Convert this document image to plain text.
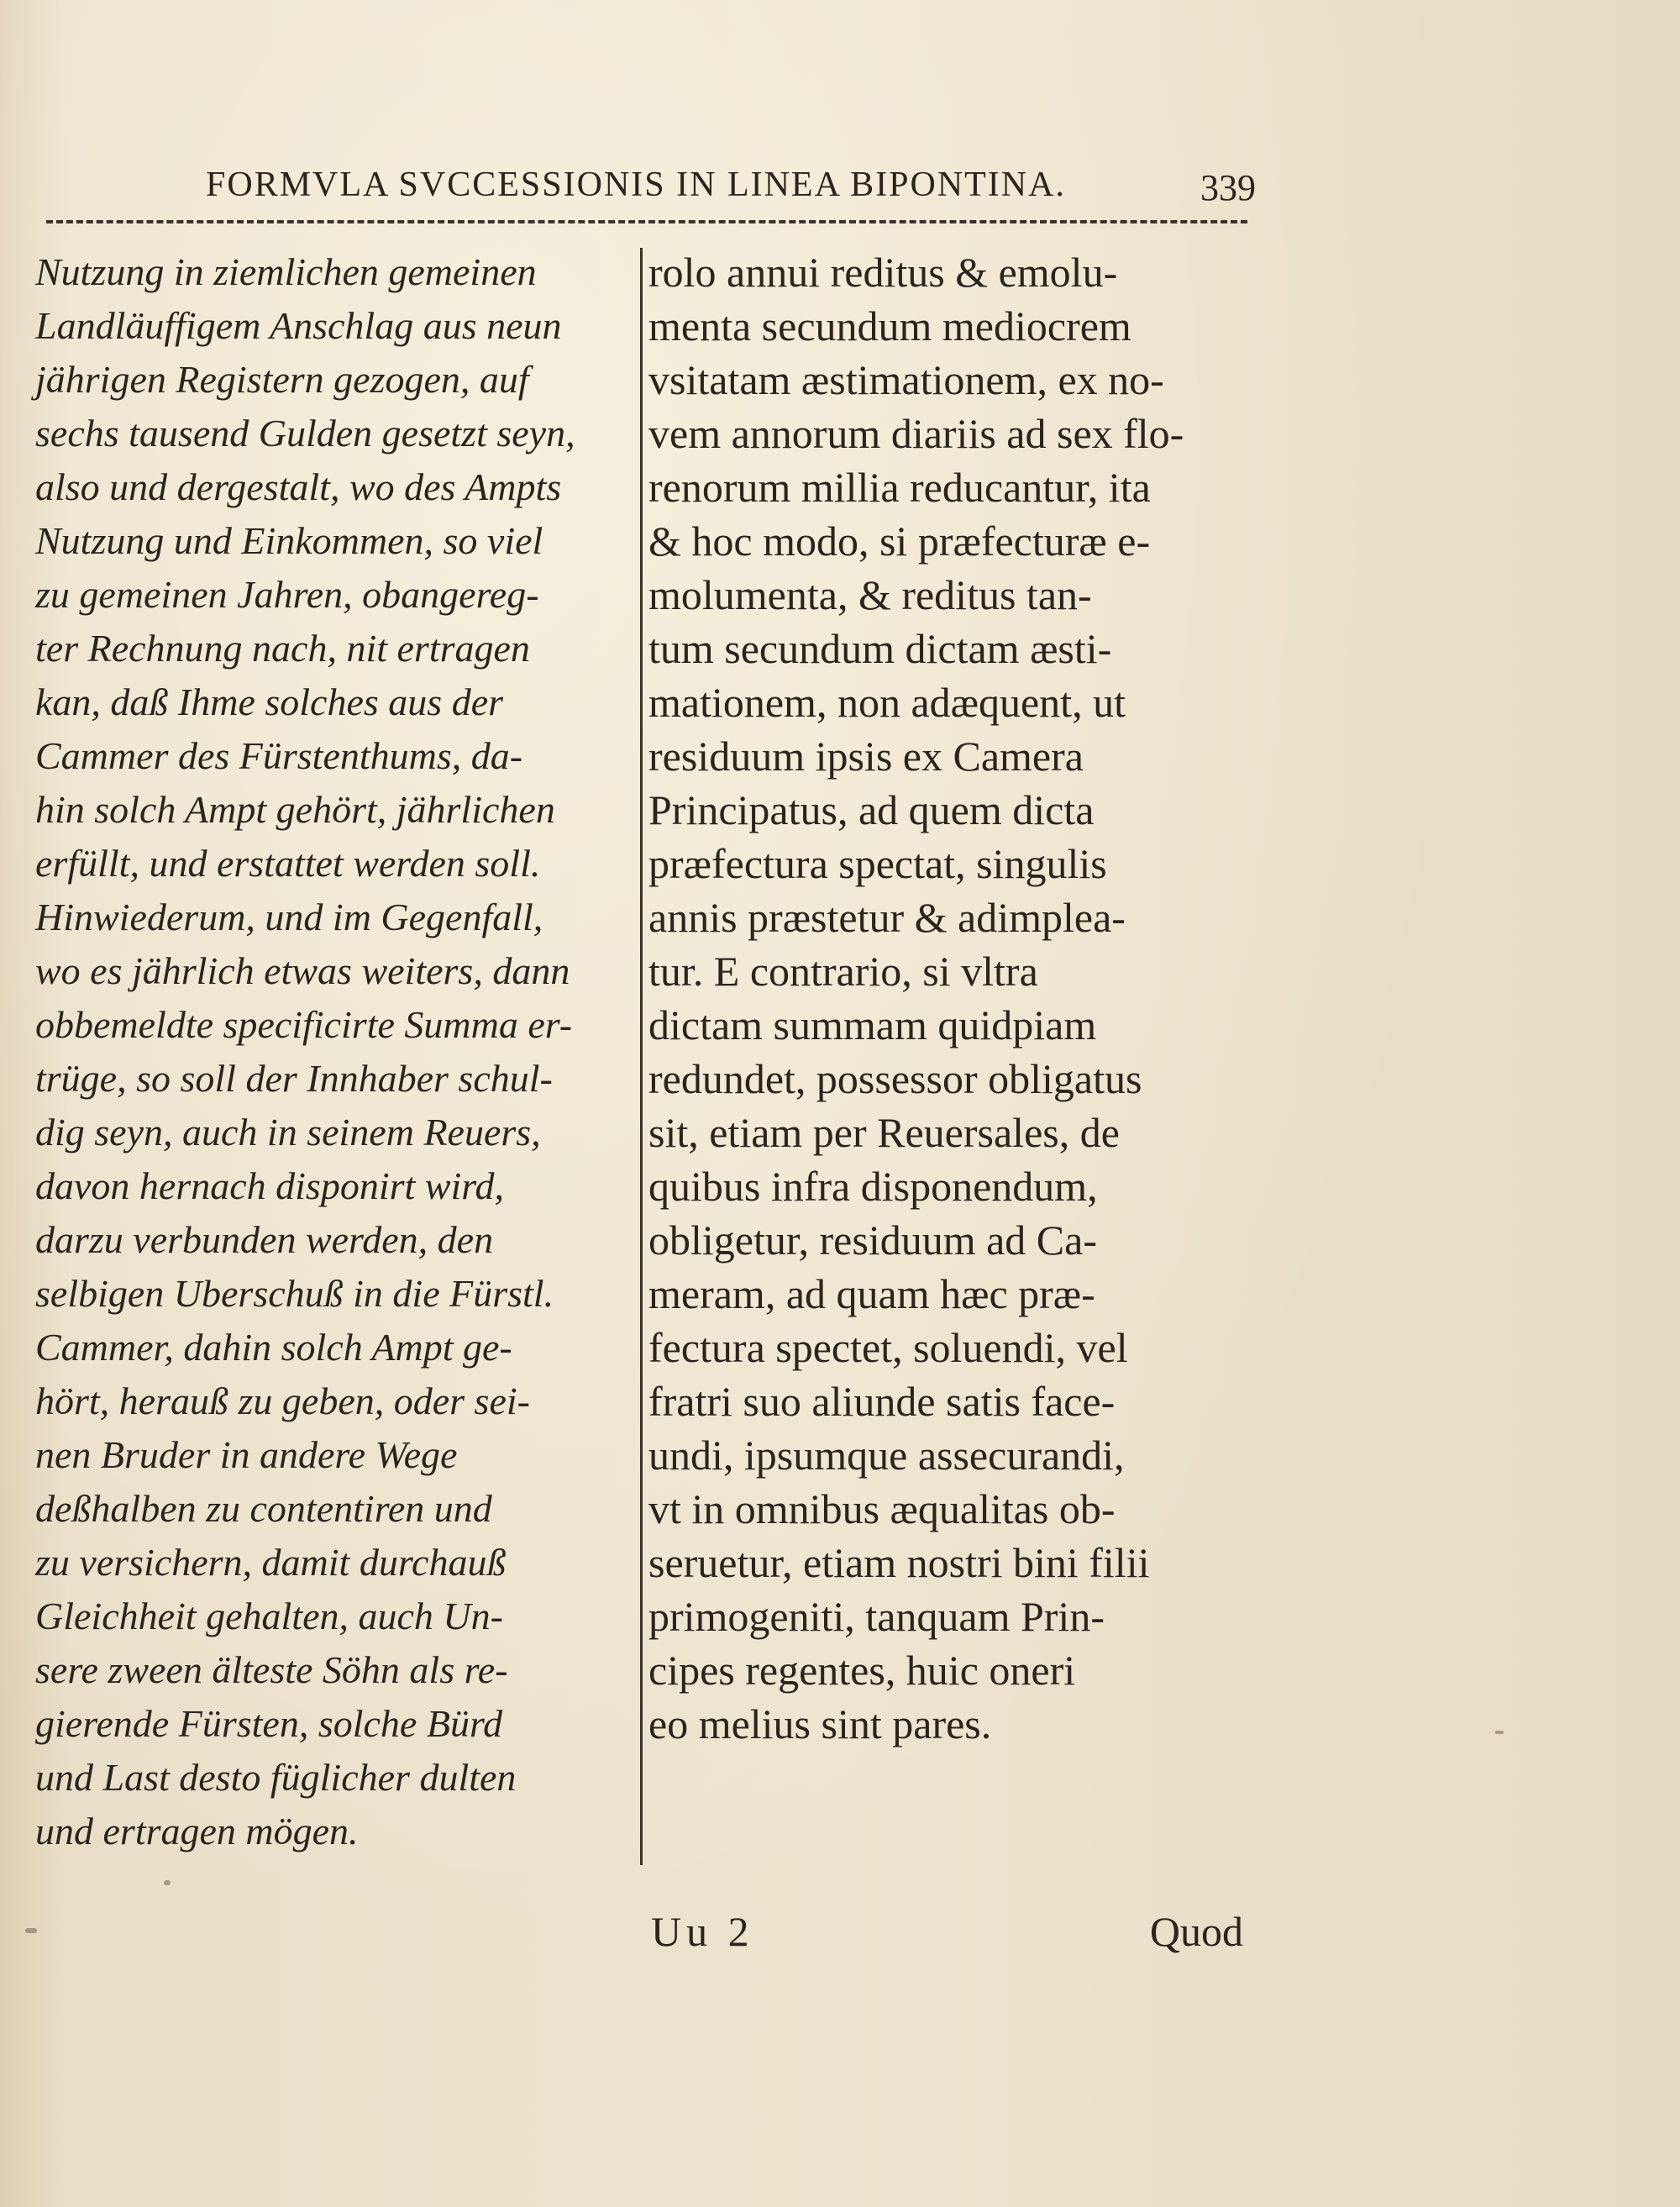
FORMVLA SVCCESSIONIS IN LINEA BIPONTINA.	339
Nutzung in ziemlichen gemeinen
Landläuffigem Anschlag aus neun
jährigen Registern gezogen, auf
sechs tausend Gulden gesetzt seyn,
also und dergestalt, wo des Ampts
Nutzung und Einkommen, so viel
zu gemeinen Jahren, obangereg-
ter Rechnung nach, nit ertragen
kan, daß Ihme solches aus der
Cammer des Fürstenthums, da-
hin solch Ampt gehört, jährlichen
erfüllt, und erstattet werden soll.
Hinwiederum, und im Gegenfall,
wo es jährlich etwas weiters, dann
obbemeldte specificirte Summa er-
trüge, so soll der Innhaber schul-
dig seyn, auch in seinem Reuers,
davon hernach disponirt wird,
darzu verbunden werden, den
selbigen Uberschuß in die Fürstl.
Cammer, dahin solch Ampt ge-
hört, herauß zu geben, oder sei-
nen Bruder in andere Wege
deßhalben zu contentiren und
zu versichern, damit durchauß
Gleichheit gehalten, auch Un-
sere zween älteste Söhn als re-
gierende Fürsten, solche Bürd
und Last desto füglicher dulten
und ertragen mögen.
rolo annui reditus & emolu-
menta secundum mediocrem
vsitatam æstimationem, ex no-
vem annorum diariis ad sex flo-
renorum millia reducantur, ita
& hoc modo, si præfecturæ e-
molumenta, & reditus tan-
tum secundum dictam æsti-
mationem, non adæquent, ut
residuum ipsis ex Camera
Principatus, ad quem dicta
præfectura spectat, singulis
annis præstetur & adimplea-
tur. E contrario, si vltra
dictam summam quidpiam
redundet, possessor obligatus
sit, etiam per Reuersales, de
quibus infra disponendum,
obligetur, residuum ad Ca-
meram, ad quam hæc præ-
fectura spectet, soluendi, vel
fratri suo aliunde satis face-
undi, ipsumque assecurandi,
vt in omnibus æqualitas ob-
seruetur, etiam nostri bini filii
primogeniti, tanquam Prin-
cipes regentes, huic oneri
eo melius sint pares.
Uu 2	Quod
